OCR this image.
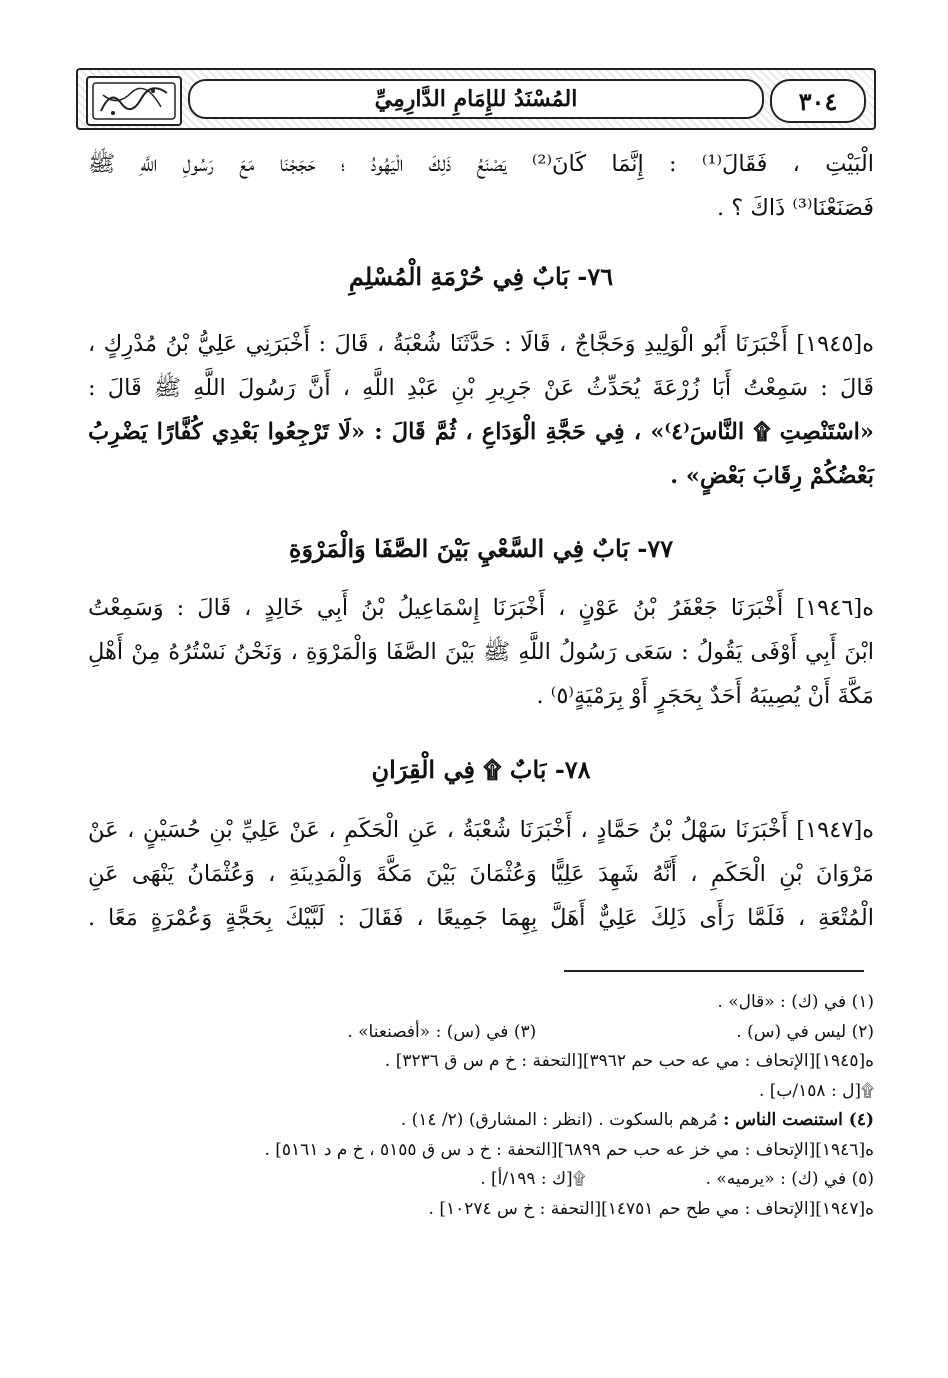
٣٠٤
المُسْنَدُ للإِمَامِ الدَّارِمِيِّ
الْبَيْتِ ، فَقَالَ⁽¹⁾ : إِنَّمَا كَانَ⁽²⁾ يَصْنَعُ ذَلِكَ الْيَهُودُ ؛ حَجَجْنَا مَعَ رَسُولِ اللَّهِ ﷺ
فَصَنَعْنَا⁽³⁾ ذَاكَ ؟ .
٧٦- بَابٌ فِي حُرْمَةِ الْمُسْلِمِ
ه[١٩٤٥] أَخْبَرَنَا أَبُو الْوَلِيدِ وَحَجَّاجٌ ، قَالَا : حَدَّثَنَا شُعْبَةُ ، قَالَ : أَخْبَرَنِي عَلِيُّ بْنُ مُدْرِكٍ ،
قَالَ : سَمِعْتُ أَبَا زُرْعَةَ يُحَدِّثُ عَنْ جَرِيرِ بْنِ عَبْدِ اللَّهِ ، أَنَّ رَسُولَ اللَّهِ ﷺ قَالَ :
«اسْتَنْصِتِ ۩ النَّاسَ⁽٤⁾» ، فِي حَجَّةِ الْوَدَاعِ ، ثُمَّ قَالَ : «لَا تَرْجِعُوا بَعْدِي كُفَّارًا يَضْرِبُ
بَعْضُكُمْ رِقَابَ بَعْضٍ» .
٧٧- بَابٌ فِي السَّعْيِ بَيْنَ الصَّفَا وَالْمَرْوَةِ
ه[١٩٤٦] أَخْبَرَنَا جَعْفَرُ بْنُ عَوْنٍ ، أَخْبَرَنَا إِسْمَاعِيلُ بْنُ أَبِي خَالِدٍ ، قَالَ : وَسَمِعْتُ
ابْنَ أَبِي أَوْفَى يَقُولُ : سَعَى رَسُولُ اللَّهِ ﷺ بَيْنَ الصَّفَا وَالْمَرْوَةِ ، وَنَحْنُ نَسْتُرُهُ مِنْ أَهْلِ
مَكَّةَ أَنْ يُصِيبَهُ أَحَدٌ بِحَجَرٍ أَوْ بِرَمْيَةٍ⁽٥⁾ .
٧٨- بَابٌ ۩ فِي الْقِرَانِ
ه[١٩٤٧] أَخْبَرَنَا سَهْلُ بْنُ حَمَّادٍ ، أَخْبَرَنَا شُعْبَةُ ، عَنِ الْحَكَمِ ، عَنْ عَلِيِّ بْنِ حُسَيْنٍ ، عَنْ
مَرْوَانَ بْنِ الْحَكَمِ ، أَنَّهُ شَهِدَ عَلِيًّا وَعُثْمَانَ بَيْنَ مَكَّةَ وَالْمَدِينَةِ ، وَعُثْمَانُ يَنْهَى عَنِ
الْمُتْعَةِ ، فَلَمَّا رَأَى ذَلِكَ عَلِيٌّ أَهَلَّ بِهِمَا جَمِيعًا ، فَقَالَ : لَبَّيْكَ بِحَجَّةٍ وَعُمْرَةٍ مَعًا .
(١) في (ك) : «قال» .
(٢) ليس في (س) .
(٣) في (س) : «أفصنعنا» .
ه[١٩٤٥][الإتحاف : مي عه حب حم ٣٩٦٢][التحفة : خ م س ق ٣٢٣٦] .
۩[ل : ١٥٨/ب] .
(٤) استنصت الناس : مُرهم بالسكوت . (انظر : المشارق) (٢/ ١٤) .
ه[١٩٤٦][الإتحاف : مي خز عه حب حم ٦٨٩٩][التحفة : خ د س ق ٥١٥٥ ، خ م د ٥١٦١] .
(٥) في (ك) : «يرميه» .
۩[ك : ١٩٩/أ] .
ه[١٩٤٧][الإتحاف : مي طح حم ١٤٧٥١][التحفة : خ س ١٠٢٧٤] .
